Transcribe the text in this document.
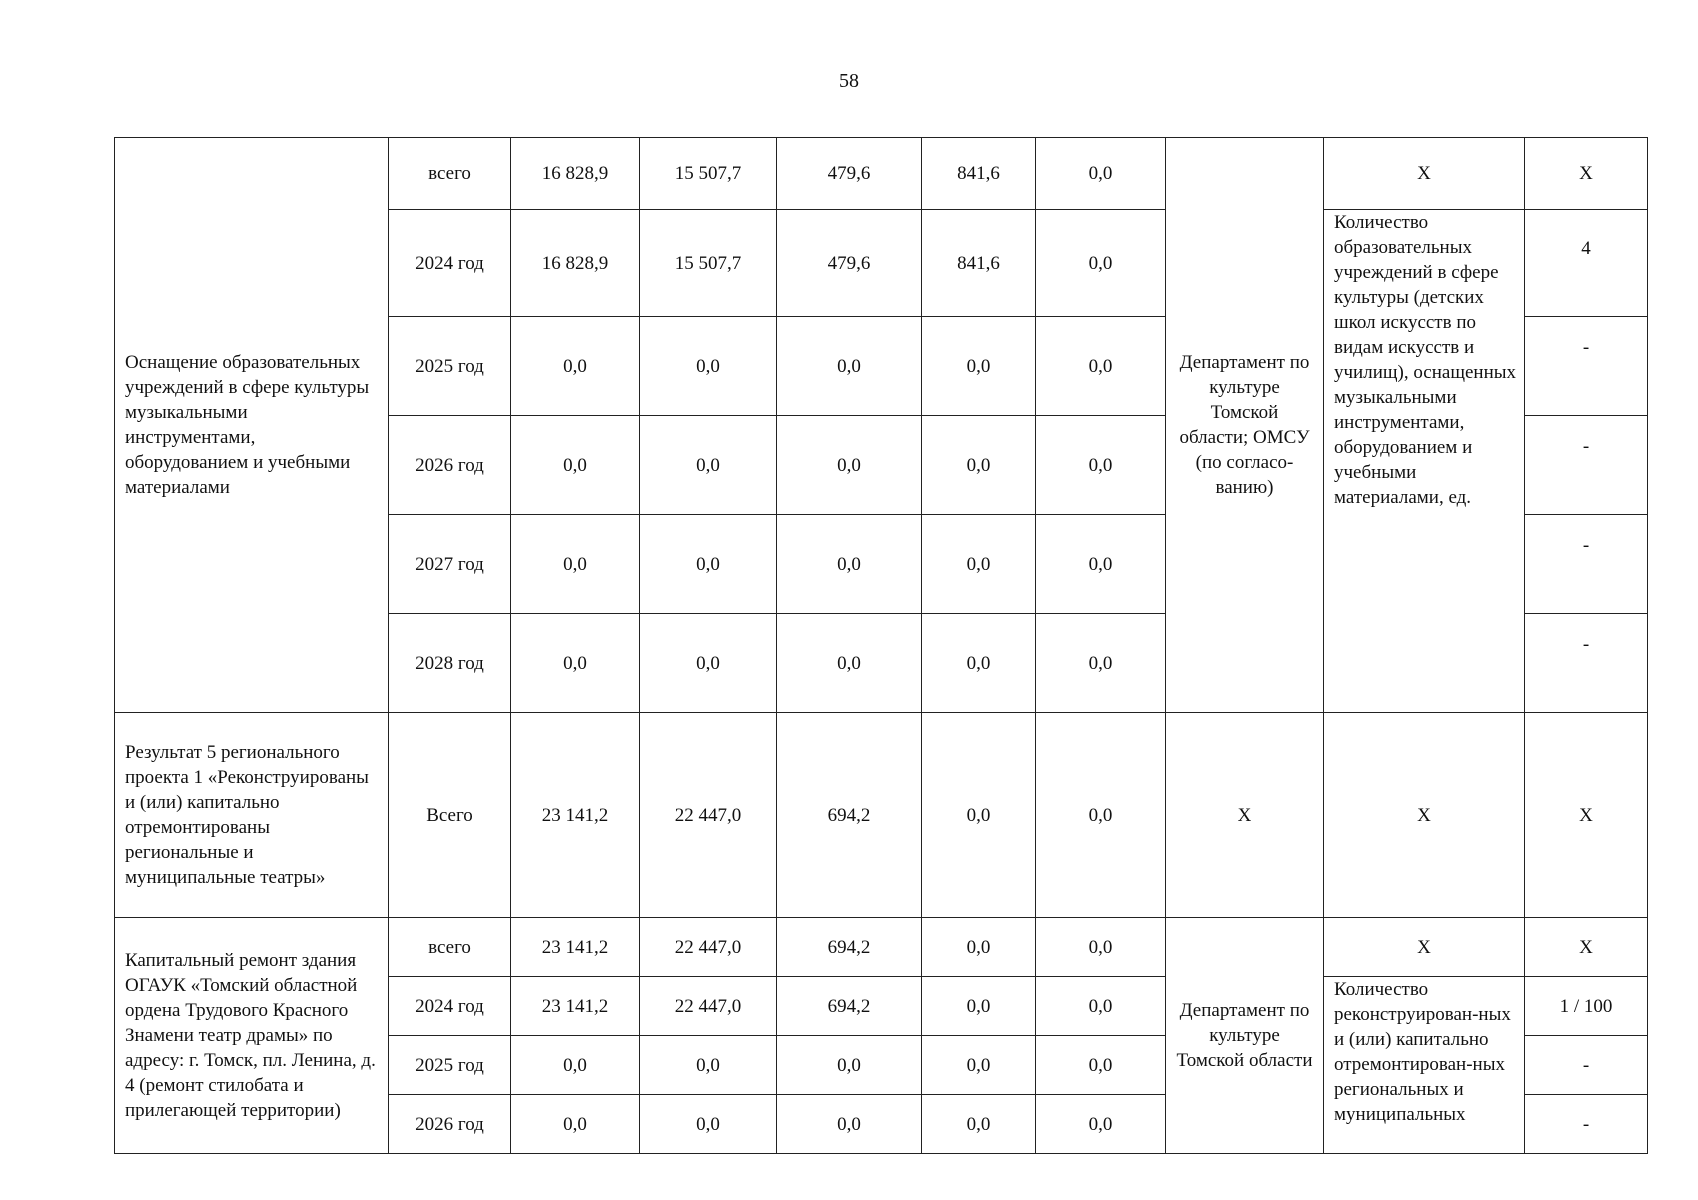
58
Оснащение образовательных учреждений в сфере культуры музыкальными инструментами, оборудованием и учебными материалами	всего	16 828,9	15 507,7	479,6	841,6	0,0	Департамент по культуре Томской области; ОМСУ (по согласо-ванию)	X	X
	2024 год	16 828,9	15 507,7	479,6	841,6	0,0		Количество образовательных учреждений в сфере культуры (детских школ искусств по видам искусств и училищ), оснащенных музыкальными инструментами, оборудованием и учебными материалами, ед.	4
	2025 год	0,0	0,0	0,0	0,0	0,0			-
	2026 год	0,0	0,0	0,0	0,0	0,0			-
	2027 год	0,0	0,0	0,0	0,0	0,0			-
	2028 год	0,0	0,0	0,0	0,0	0,0			-
Результат 5 регионального проекта 1 «Реконструированы и (или) капитально отремонтированы региональные и муниципальные театры»	Всего	23 141,2	22 447,0	694,2	0,0	0,0	X	X	X
Капитальный ремонт здания ОГАУК «Томский областной ордена Трудового Красного Знамени театр драмы» по адресу: г. Томск, пл. Ленина, д. 4 (ремонт стилобата и прилегающей территории)	всего	23 141,2	22 447,0	694,2	0,0	0,0	Департамент по культуре Томской области	X	X
	2024 год	23 141,2	22 447,0	694,2	0,0	0,0		Количество реконструирован-ных и (или) капитально отремонтирован-ных региональных и муниципальных	1 / 100
	2025 год	0,0	0,0	0,0	0,0	0,0			-
	2026 год	0,0	0,0	0,0	0,0	0,0			-
